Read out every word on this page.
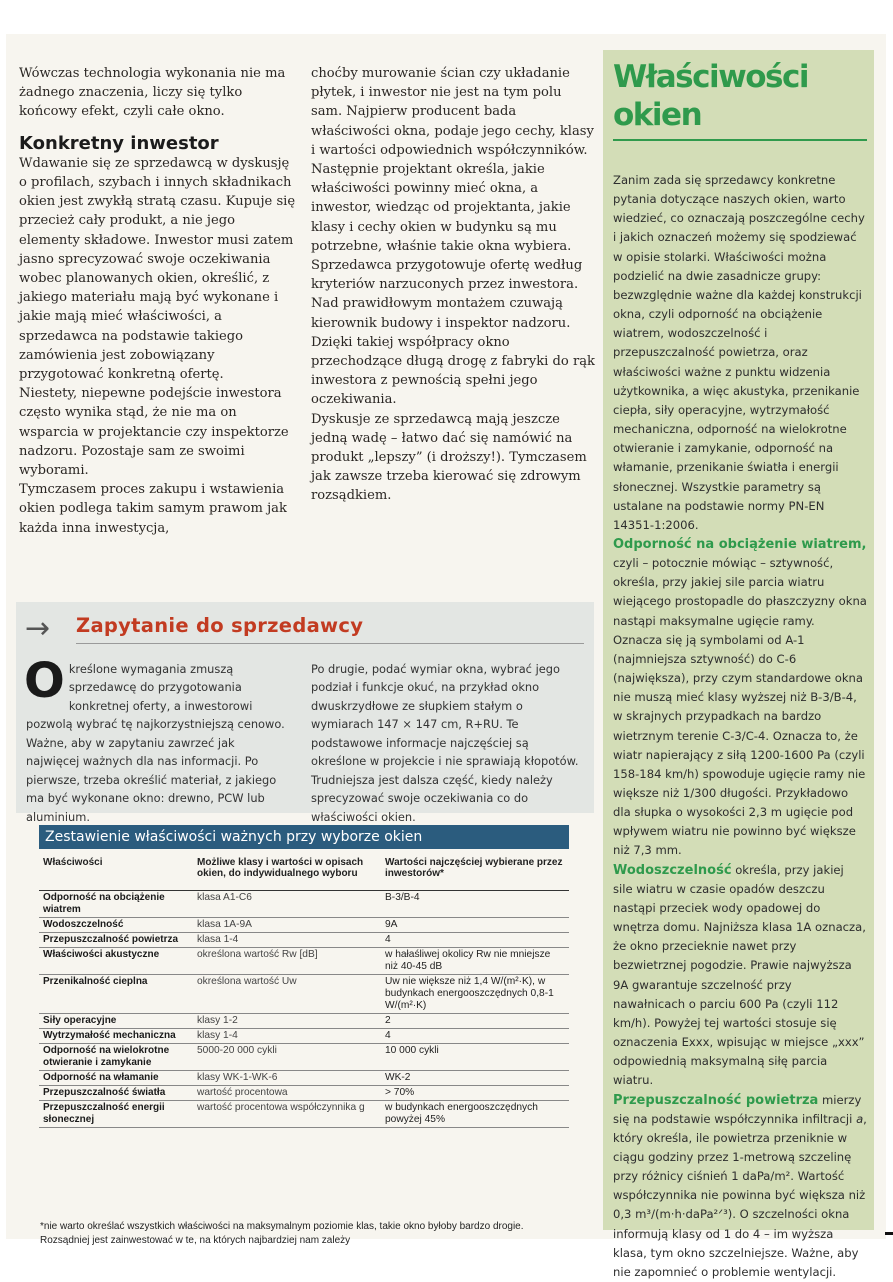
Wówczas technologia wykonania nie ma żadnego znaczenia, liczy się tylko końcowy efekt, czyli całe okno.

Konkretny inwestor

Wdawanie się ze sprzedawcą w dyskusję o profilach, szybach i innych składnikach okien jest zwykłą stratą czasu. Kupuje się przecież cały produkt, a nie jego elementy składowe. Inwestor musi zatem jasno sprecyzować swoje oczekiwania wobec planowanych okien, określić, z jakiego materiału mają być wykonane i jakie mają mieć właściwości, a sprzedawca na podstawie takiego zamówienia jest zobowiązany przygotować konkretną ofertę.

Niestety, niepewne podejście inwestora często wynika stąd, że nie ma on wsparcia w projektancie czy inspektorze nadzoru. Pozostaje sam ze swoimi wyborami.

Tymczasem proces zakupu i wstawienia okien podlega takim samym prawom jak każda inna inwestycja,

choćby murowanie ścian czy układanie płytek, i inwestor nie jest na tym polu sam. Najpierw producent bada właściwości okna, podaje jego cechy, klasy i wartości odpowiednich współczynników. Następnie projektant określa, jakie właściwości powinny mieć okna, a inwestor, wiedząc od projektanta, jakie klasy i cechy okien w budynku są mu potrzebne, właśnie takie okna wybiera. Sprzedawca przygotowuje ofertę według kryteriów narzuconych przez inwestora. Nad prawidłowym montażem czuwają kierownik budowy i inspektor nadzoru. Dzięki takiej współpracy okno przechodzące długą drogę z fabryki do rąk inwestora z pewnością spełni jego oczekiwania.

Dyskusje ze sprzedawcą mają jeszcze jedną wadę – łatwo dać się namówić na produkt „lepszy” (i droższy!). Tymczasem jak zawsze trzeba kierować się zdrowym rozsądkiem.

Właściwości okien

Zanim zada się sprzedawcy konkretne pytania dotyczące naszych okien, warto wiedzieć, co oznaczają poszczególne cechy i jakich oznaczeń możemy się spodziewać w opisie stolarki. Właściwości można podzielić na dwie zasadnicze grupy: bezwzględnie ważne dla każdej konstrukcji okna, czyli odporność na obciążenie wiatrem, wodoszczelność i przepuszczalność powietrza, oraz właściwości ważne z punktu widzenia użytkownika, a więc akustyka, przenikanie ciepła, siły operacyjne, wytrzymałość mechaniczna, odporność na wielokrotne otwieranie i zamykanie, odporność na włamanie, przenikanie światła i energii słonecznej. Wszystkie parametry są ustalane na podstawie normy PN-EN 14351-1:2006.

Odporność na obciążenie wiatrem, czyli – potocznie mówiąc – sztywność, określa, przy jakiej sile parcia wiatru wiejącego prostopadle do płaszczyzny okna nastąpi maksymalne ugięcie ramy. Oznacza się ją symbolami od A-1 (najmniejsza sztywność) do C-6 (największa), przy czym standardowe okna nie muszą mieć klasy wyższej niż B-3/B-4, w skrajnych przypadkach na bardzo wietrznym terenie C-3/C-4. Oznacza to, że wiatr napierający z siłą 1200-1600 Pa (czyli 158-184 km/h) spowoduje ugięcie ramy nie większe niż 1/300 długości. Przykładowo dla słupka o wysokości 2,3 m ugięcie pod wpływem wiatru nie powinno być większe niż 7,3 mm.

Wodoszczelność określa, przy jakiej sile wiatru w czasie opadów deszczu nastąpi przeciek wody opadowej do wnętrza domu. Najniższa klasa 1A oznacza, że okno przecieknie nawet przy bezwietrznej pogodzie. Prawie najwyższa 9A gwarantuje szczelność przy nawałnicach o parciu 600 Pa (czyli 112 km/h). Powyżej tej wartości stosuje się oznaczenia Exxx, wpisując w miejsce „xxx” odpowiednią maksymalną siłę parcia wiatru.

Przepuszczalność powietrza mierzy się na podstawie współczynnika infiltracji a, który określa, ile powietrza przeniknie w ciągu godziny przez 1-metrową szczelinę przy różnicy ciśnień 1 daPa/m². Wartość współczynnika nie powinna być większa niż 0,3 m³/(m·h·daPa²ᐟ³). O szczelności okna informują klasy od 1 do 4 – im wyższa klasa, tym okno szczelniejsze. Ważne, aby nie zapomnieć o problemie wentylacji.

→ Zapytanie do sprzedawcy

Określone wymagania zmuszą sprzedawcę do przygotowania konkretnej oferty, a inwestorowi pozwolą wybrać tę najkorzystniejszą cenowo. Ważne, aby w zapytaniu zawrzeć jak najwięcej ważnych dla nas informacji. Po pierwsze, trzeba określić materiał, z jakiego ma być wykonane okno: drewno, PCW lub aluminium.

Po drugie, podać wymiar okna, wybrać jego podział i funkcje okuć, na przykład okno dwuskrzydłowe ze słupkiem stałym o wymiarach 147 × 147 cm, R+RU. Te podstawowe informacje najczęściej są określone w projekcie i nie sprawiają kłopotów. Trudniejsza jest dalsza część, kiedy należy sprecyzować swoje oczekiwania co do właściwości okien.

Zestawienie właściwości ważnych przy wyborze okien
Właściwości	Możliwe klasy i wartości w opisach okien, do indywidualnego wyboru	Wartości najczęściej wybierane przez inwestorów*
Odporność na obciążenie wiatrem	klasa A1-C6	B-3/B-4
Wodoszczelność	klasa 1A-9A	9A
Przepuszczalność powietrza	klasa 1-4	4
Właściwości akustyczne	określona wartość Rw [dB]	w hałaśliwej okolicy Rw nie mniejsze niż 40-45 dB
Przenikalność cieplna	określona wartość Uw	Uw nie większe niż 1,4 W/(m²·K), w budynkach energooszczędnych 0,8-1 W/(m²·K)
Siły operacyjne	klasy 1-2	2
Wytrzymałość mechaniczna	klasy 1-4	4
Odporność na wielokrotne otwieranie i zamykanie	5000-20 000 cykli	10 000 cykli
Odporność na włamanie	klasy WK-1-WK-6	WK-2
Przepuszczalność światła	wartość procentowa	> 70%
Przepuszczalność energii słonecznej	wartość procentowa współczynnika g	w budynkach energooszczędnych powyżej 45%
*nie warto określać wszystkich właściwości na maksymalnym poziomie klas, takie okno byłoby bardzo drogie. Rozsądniej jest zainwestować w te, na których najbardziej nam zależy
